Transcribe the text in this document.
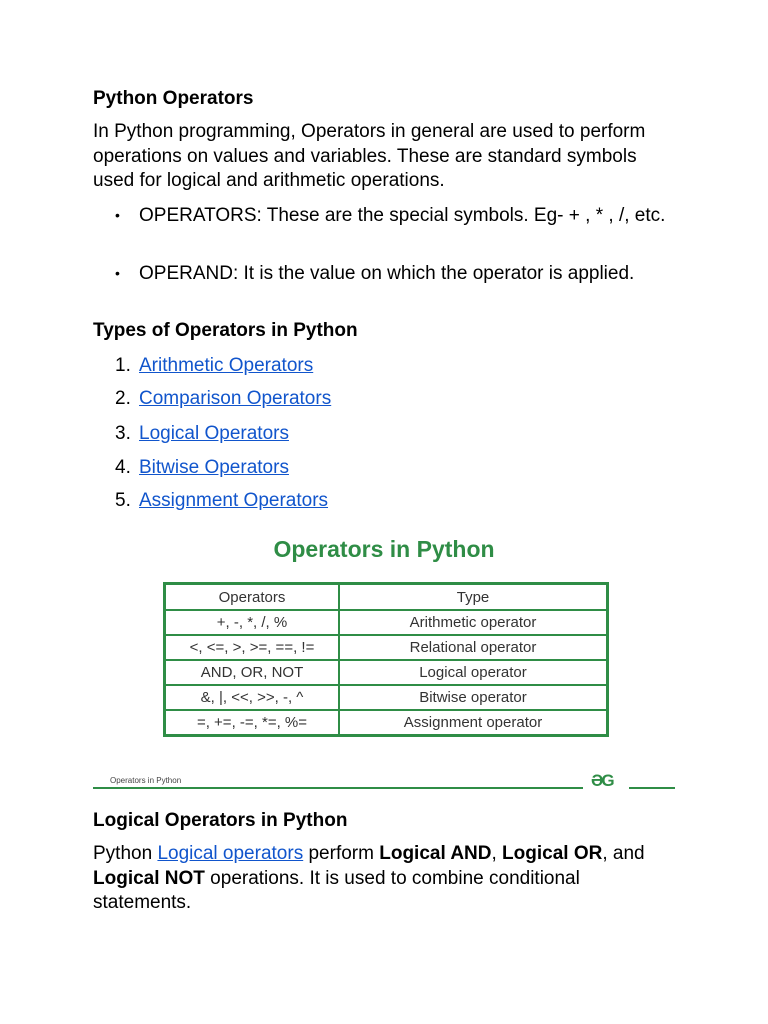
Python Operators

In Python programming, Operators in general are used to perform operations on values and variables. These are standard symbols used for logical and arithmetic operations.

• OPERATORS: These are the special symbols. Eg- + , * , /, etc.
• OPERAND: It is the value on which the operator is applied.
Types of Operators in Python
1. Arithmetic Operators
2. Comparison Operators
3. Logical Operators
4. Bitwise Operators
5. Assignment Operators
Operators in Python
Operators	Type
+, -, *, /, %	Arithmetic operator
<, <=, >, >=, ==, !=	Relational operator
AND, OR, NOT	Logical operator
&, |, <<, >>, -, ^	Bitwise operator
=, +=, -=, *=, %=	Assignment operator
Operators in Python	ƏG
Logical Operators in Python

Python Logical operators perform Logical AND, Logical OR, and Logical NOT operations. It is used to combine conditional statements.
